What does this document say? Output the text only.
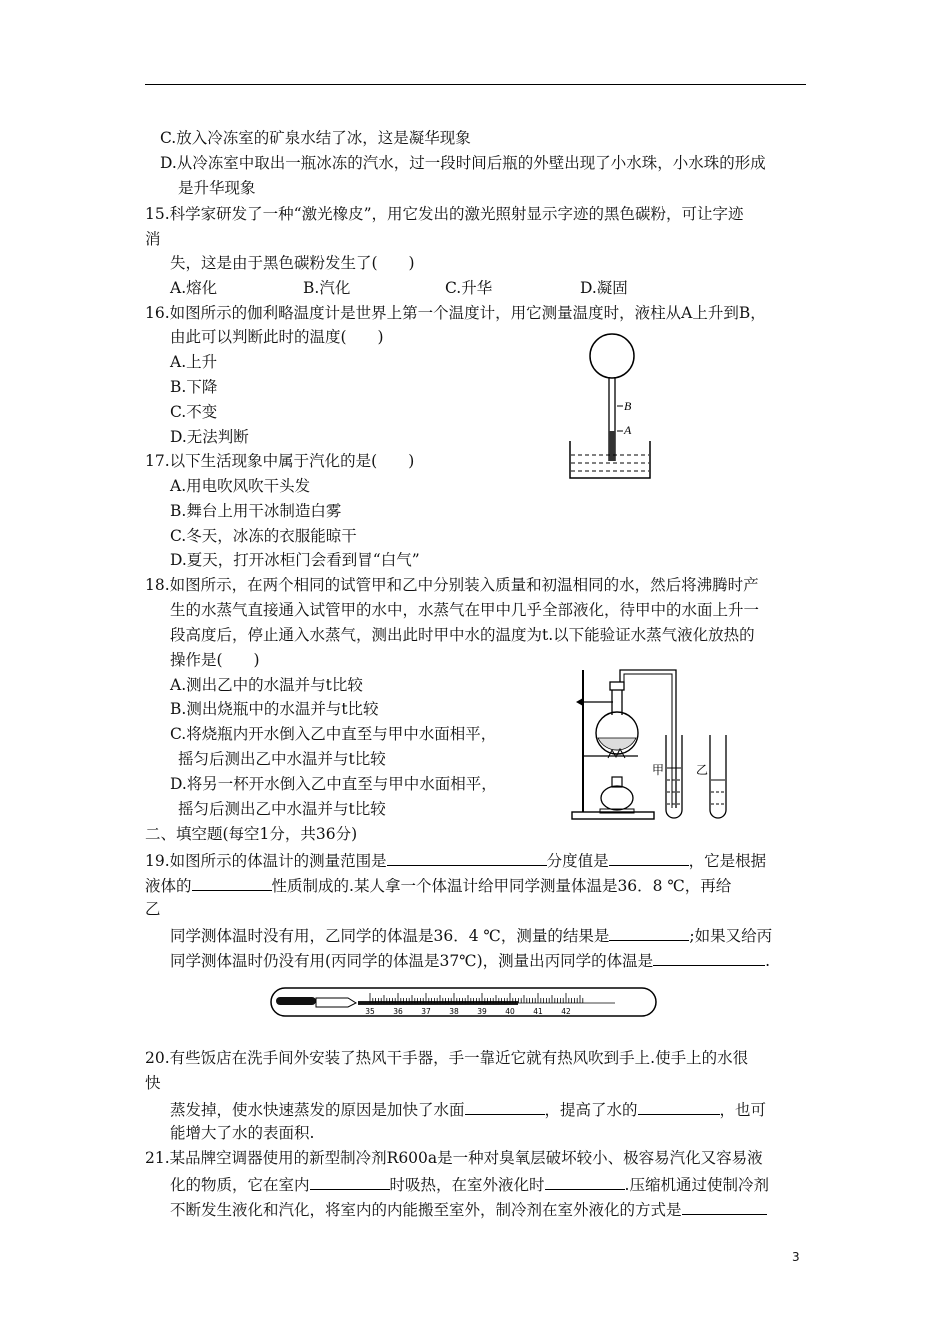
C.放入冷冻室的矿泉水结了冰，这是凝华现象
D.从冷冻室中取出一瓶冰冻的汽水，过一段时间后瓶的外壁出现了小水珠，小水珠的形成
是升华现象
15.科学家研发了一种“激光橡皮”，用它发出的激光照射显示字迹的黑色碳粉，可让字迹
消
失，这是由于黑色碳粉发生了(　　)
A.熔化	B.汽化	C.升华	D.凝固
16.如图所示的伽利略温度计是世界上第一个温度计，用它测量温度时，液柱从A上升到B，
由此可以判断此时的温度(　　)
A.上升
B.下降
C.不变
D.无法判断
B
A
17.以下生活现象中属于汽化的是(　　)
A.用电吹风吹干头发
B.舞台上用干冰制造白雾
C.冬天，冰冻的衣服能晾干
D.夏天，打开冰柜门会看到冒“白气”
18.如图所示，在两个相同的试管甲和乙中分别装入质量和初温相同的水，然后将沸腾时产
生的水蒸气直接通入试管甲的水中，水蒸气在甲中几乎全部液化，待甲中的水面上升一
段高度后，停止通入水蒸气，测出此时甲中水的温度为t.以下能验证水蒸气液化放热的
操作是(　　)
A.测出乙中的水温并与t比较
B.测出烧瓶中的水温并与t比较
C.将烧瓶内开水倒入乙中直至与甲中水面相平，
摇匀后测出乙中水温并与t比较
D.将另一杯开水倒入乙中直至与甲中水面相平，
摇匀后测出乙中水温并与t比较
甲	乙
二、填空题(每空1分，共36分)
19.如图所示的体温计的测量范围是	分度值是	，它是根据
液体的	性质制成的.某人拿一个体温计给甲同学测量体温是36．8 ℃，再给
乙
同学测体温时没有用，乙同学的体温是36．4 ℃，测量的结果是	;如果又给丙
同学测体温时仍没有用(丙同学的体温是37℃)，测量出丙同学的体温是	.
35 36 37 38 39 40 41 42
20.有些饭店在洗手间外安装了热风干手器，手一靠近它就有热风吹到手上.使手上的水很
快
蒸发掉，使水快速蒸发的原因是加快了水面	，提高了水的	，也可
能增大了水的表面积.
21.某品牌空调器使用的新型制冷剂R600a是一种对臭氧层破坏较小、极容易汽化又容易液
化的物质，它在室内	时吸热，在室外液化时	.压缩机通过使制冷剂
不断发生液化和汽化，将室内的内能搬至室外，制冷剂在室外液化的方式是
3
